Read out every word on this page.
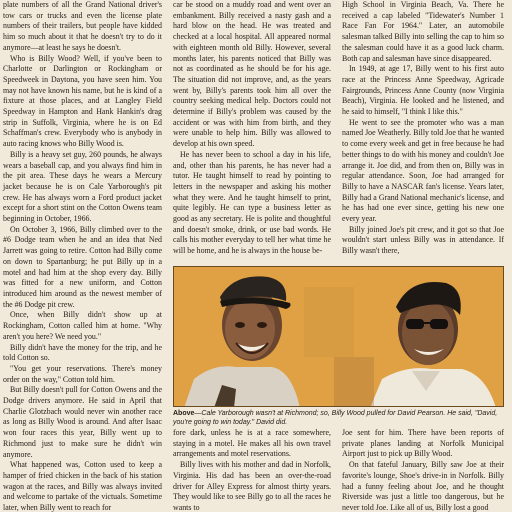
plate numbers of all the Grand National driver's tow cars or trucks and even the license plate numbers of their trailers, but people have kidded him so much about it that he doesn't try to do it anymore—at least he says he doesn't.

Who is Billy Wood? Well, if you've been to Charlotte or Darlington or Rockingham or Speedweek in Daytona, you have seen him. You may not have known his name, but he is kind of a fixture at those places, and at Langley Field Speedway in Hampton and Hank Hankin's drag strip in Suffolk, Virginia, where he is on Ed Schaffman's crew. Everybody who is anybody in auto racing knows who Billy Wood is.

Billy is a heavy set guy, 260 pounds, he always wears a baseball cap, and you always find him in the pit area. These days he wears a Mercury jacket because he is on Cale Yarborough's pit crew. He has always worn a Ford product jacket except for a short stint on the Cotton Owens team beginning in October, 1966.

On October 3, 1966, Billy climbed over to the #6 Dodge team when he and an idea that Ned Jarrett was going to retire. Cotton had Billy come on down to Spartanburg; he put Billy up in a motel and had him at the shop every day. Billy was fitted for a new uniform, and Cotton introduced him around as the newest member of the #6 Dodge pit crew.

Once, when Billy didn't show up at Rockingham, Cotton called him at home. "Why aren't you here? We need you."

Billy didn't have the money for the trip, and he told Cotton so.

"You get your reservations. There's money order on the way," Cotton told him.

But Billy doesn't pull for Cotton Owens and the Dodge drivers anymore. He said in April that Charlie Glotzbach would never win another race as long as Billy Wood is around. And after Isaac won four races this year, Billy went up to Richmond just to make sure he didn't win anymore.

What happened was, Cotton used to keep a hamper of fried chicken in the back of his station wagon at the races, and Billy was always invited and welcome to partake of the victuals. Sometime later, when Billy went to reach for

car be stood on a muddy road and went over an embankment. Billy received a nasty gash and a hard blow on the head. He was treated and checked at a local hospital. All appeared normal with eighteen month old Billy. However, several months later, his parents noticed that Billy was not as coordinated as he should be for his age. The situation did not improve, and, as the years went by, Billy's parents took him all over the country seeking medical help. Doctors could not determine if Billy's problem was caused by the accident or was with him from birth, and they were unable to help him. Billy was allowed to develop at his own speed.

He has never been to school a day in his life, and, other than his parents, he has never had a tutor. He taught himself to read by pointing to letters in the newspaper and asking his mother what they were. And he taught himself to print, quite legibly. He can type a business letter as good as any secretary. He is polite and thoughtful and doesn't smoke, drink, or use bad words. He calls his mother everyday to tell her what time he will be home, and he is always in the house be-

High School in Virginia Beach, Va. There he received a cap labeled "Tidewater's Number 1 Race Fan For 1964." Later, an automobile salesman talked Billy into selling the cap to him so the salesman could have it as a good luck charm. Both cap and salesman have since disappeared.

In 1949, at age 17, Billy went to his first auto race at the Princess Anne Speedway, Agricade Fairgrounds, Princess Anne County (now Virginia Beach), Virginia. He looked and he listened, and he said to himself, "I think I like this."

He went to see the promoter who was a man named Joe Weatherly. Billy told Joe that he wanted to come every week and get in free because he had better things to do with his money and couldn't Joe arrange it. Joe did, and from then on, Billy was in regular attendance. Soon, Joe had arranged for Billy to have a NASCAR fan's license. Years later, Billy had a Grand National mechanic's license, and he has had one ever since, getting his new one every year.

Billy joined Joe's pit crew, and it got so that Joe wouldn't start unless Billy was in attendance. If Billy wasn't there,

Above—Cale Yarborough wasn't at Richmond; so, Billy Wood pulled for David Pearson. He said, "David, you're going to win today." David did.

fore dark, unless he is at a race somewhere, staying in a motel. He makes all his own travel arrangements and motel reservations.

Billy lives with his mother and dad in Norfolk, Virginia. His dad has been an over-the-road driver for Alley Express for almost thirty years. They would like to see Billy go to all the races he wants to

Joe sent for him. There have been reports of private planes landing at Norfolk Municipal Airport just to pick up Billy Wood.

On that fateful January, Billy saw Joe at their favorite's lounge, Shoe's drive-in in Norfolk. Billy had a funny feeling about Joe, and he thought Riverside was just a little too dangerous, but he never told Joe. Like all of us, Billy lost a good
